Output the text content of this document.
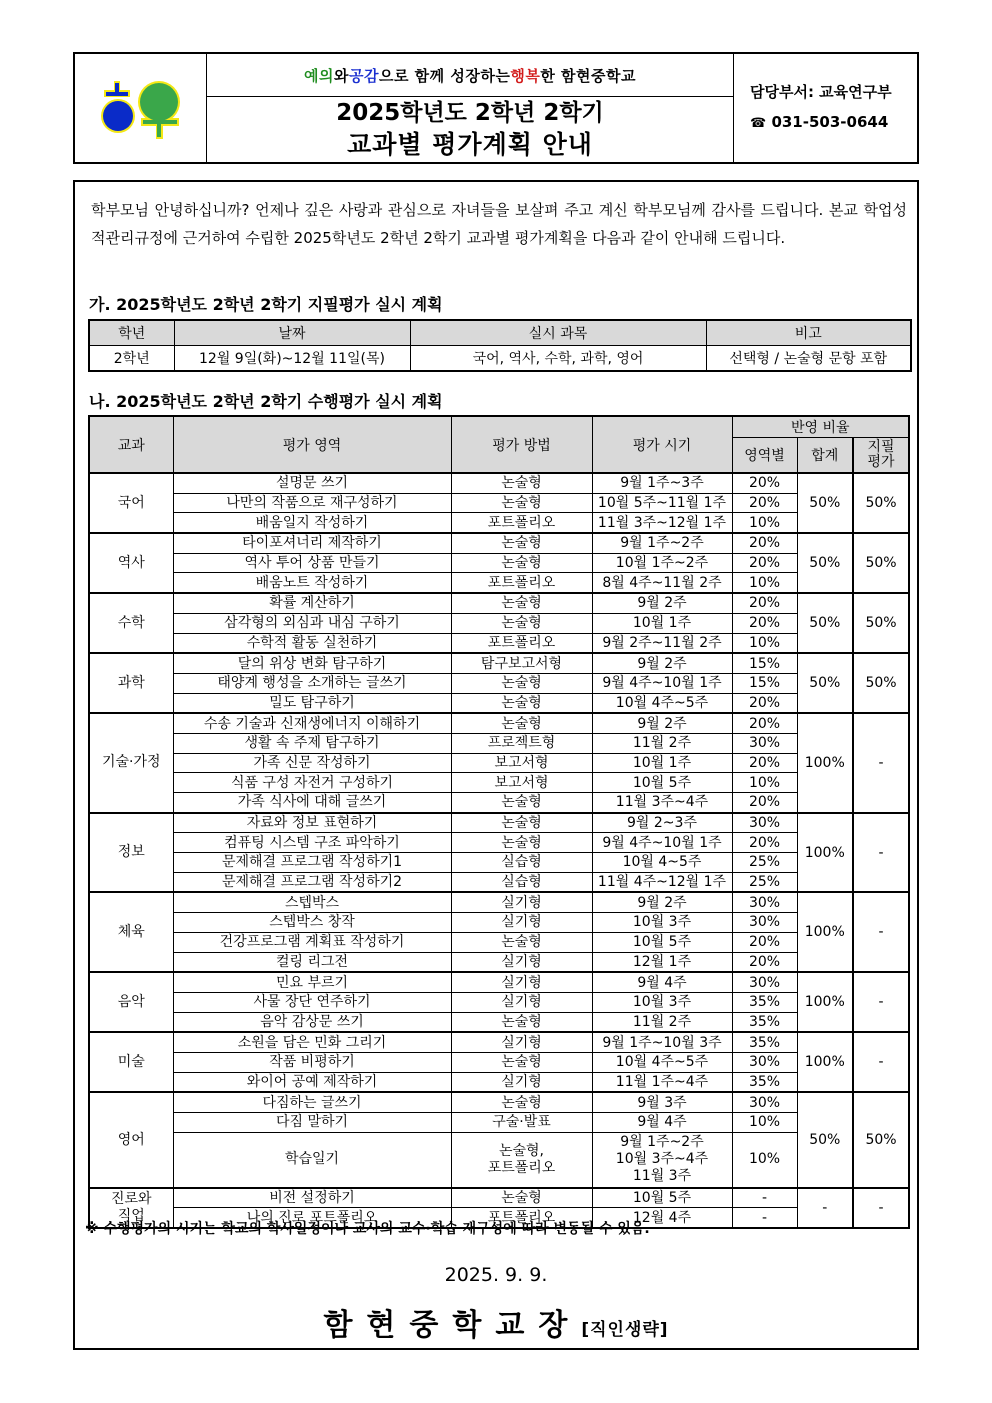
예의 와 공감 으로 함께 성장하는 행복 한 함현중학교
2025학년도 2학년 2학기
교과별 평가계획 안내
담당부서: 교육연구부
☎ 031-503-0644
학부모님 안녕하십니까? 언제나 깊은 사랑과 관심으로 자녀들을 보살펴 주고 계신 학부모님께 감사를 드립니다. 본교 학업성적관리규정에 근거하여 수립한 2025학년도 2학년 2학기 교과별 평가계획을 다음과 같이 안내해 드립니다.
가. 2025학년도 2학년 2학기 지필평가 실시 계획
학년	날짜	실시 과목	비고
2학년	12월 9일(화)~12월 11일(목)	국어, 역사, 수학, 과학, 영어	선택형 / 논술형 문항 포함
나. 2025학년도 2학년 2학기 수행평가 실시 계획
교과	평가 영역	평가 방법	평가 시기	반영 비율		
				영역별	합계	지필
평가
국어	설명문 쓰기	논술형	9월 1주~3주	20%	50%	50%
	나만의 작품으로 재구성하기	논술형	10월 5주~11월 1주	20%		
	배움일지 작성하기	포트폴리오	11월 3주~12월 1주	10%		
역사	타이포셔너리 제작하기	논술형	9월 1주~2주	20%	50%	50%
	역사 투어 상품 만들기	논술형	10월 1주~2주	20%		
	배움노트 작성하기	포트폴리오	8월 4주~11월 2주	10%		
수학	확률 계산하기	논술형	9월 2주	20%	50%	50%
	삼각형의 외심과 내심 구하기	논술형	10월 1주	20%		
	수학적 활동 실천하기	포트폴리오	9월 2주~11월 2주	10%		
과학	달의 위상 변화 탐구하기	탐구보고서형	9월 2주	15%	50%	50%
	태양계 행성을 소개하는 글쓰기	논술형	9월 4주~10월 1주	15%		
	밀도 탐구하기	논술형	10월 4주~5주	20%		
기술·가정	수송 기술과 신재생에너지 이해하기	논술형	9월 2주	20%	100%	-
	생활 속 주제 탐구하기	프로젝트형	11월 2주	30%		
	가족 신문 작성하기	보고서형	10월 1주	20%		
	식품 구성 자전거 구성하기	보고서형	10월 5주	10%		
	가족 식사에 대해 글쓰기	논술형	11월 3주~4주	20%		
정보	자료와 정보 표현하기	논술형	9월 2~3주	30%	100%	-
	컴퓨팅 시스템 구조 파악하기	논술형	9월 4주~10월 1주	20%		
	문제해결 프로그램 작성하기1	실습형	10월 4~5주	25%		
	문제해결 프로그램 작성하기2	실습형	11월 4주~12월 1주	25%		
체육	스텝박스	실기형	9월 2주	30%	100%	-
	스텝박스 창작	실기형	10월 3주	30%		
	건강프로그램 계획표 작성하기	논술형	10월 5주	20%		
	컬링 리그전	실기형	12월 1주	20%		
음악	민요 부르기	실기형	9월 4주	30%	100%	-
	사물 장단 연주하기	실기형	10월 3주	35%		
	음악 감상문 쓰기	논술형	11월 2주	35%		
미술	소원을 담은 민화 그리기	실기형	9월 1주~10월 3주	35%	100%	-
	작품 비평하기	논술형	10월 4주~5주	30%		
	와이어 공예 제작하기	실기형	11월 1주~4주	35%		
영어	다짐하는 글쓰기	논술형	9월 3주	30%	50%	50%
	다짐 말하기	구술·발표	9월 4주	10%		
	학습일기	논술형,
포트폴리오	9월 1주~2주
10월 3주~4주
11월 3주	10%		
진로와
직업	비전 설정하기	논술형	10월 5주	-	-	-
	나의 진로 포트폴리오	포트폴리오	12월 4주	-		
※ 수행평가의 시기는 학교의 학사일정이나 교사의 교수·학습 재구성에 따라 변동될 수 있음.
2025. 9. 9.
함현중학교장[직인생략]
